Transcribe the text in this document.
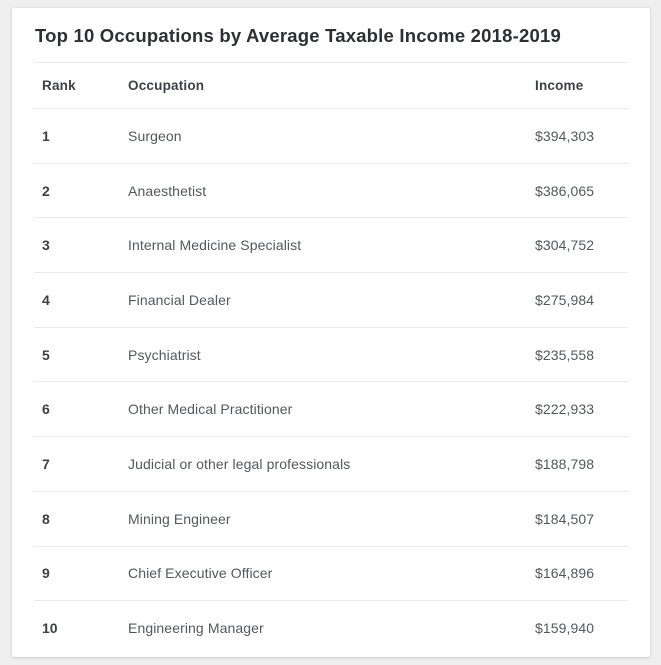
Top 10 Occupations by Average Taxable Income 2018-2019
Rank	Occupation	Income
1	Surgeon	$394,303
2	Anaesthetist	$386,065
3	Internal Medicine Specialist	$304,752
4	Financial Dealer	$275,984
5	Psychiatrist	$235,558
6	Other Medical Practitioner	$222,933
7	Judicial or other legal professionals	$188,798
8	Mining Engineer	$184,507
9	Chief Executive Officer	$164,896
10	Engineering Manager	$159,940
